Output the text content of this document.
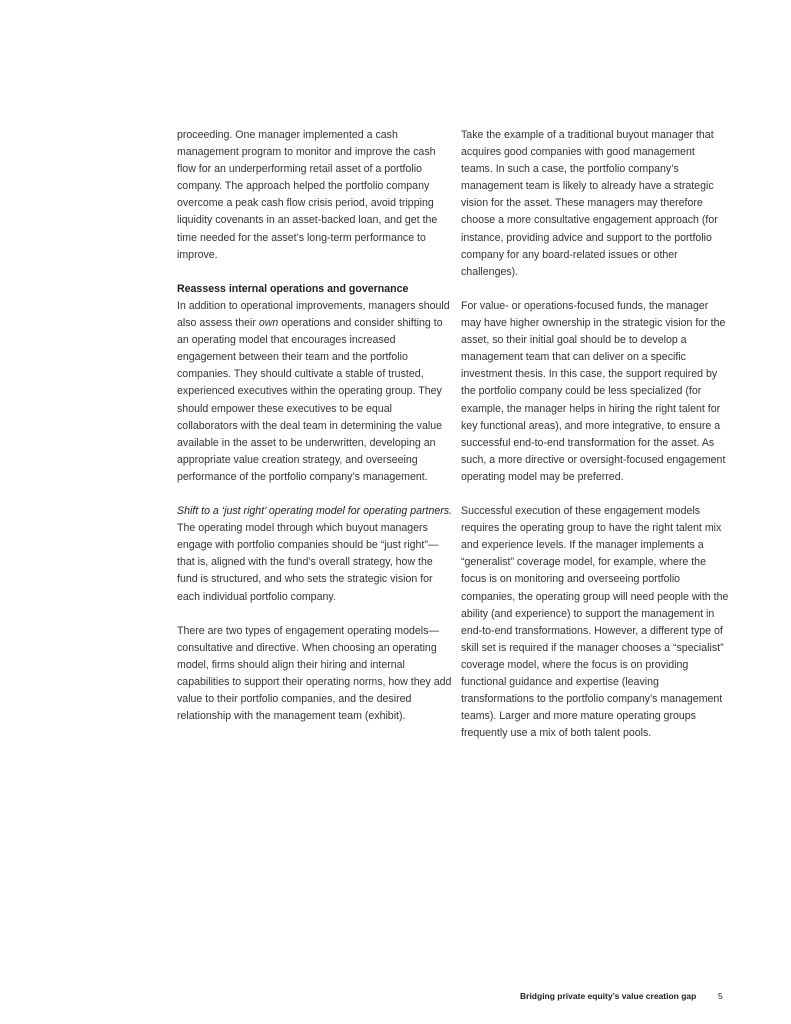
proceeding. One manager implemented a cash management program to monitor and improve the cash flow for an underperforming retail asset of a portfolio company. The approach helped the portfolio company overcome a peak cash flow crisis period, avoid tripping liquidity covenants in an asset-backed loan, and get the time needed for the asset’s long-term performance to improve.

Reassess internal operations and governance
In addition to operational improvements, managers should also assess their own operations and consider shifting to an operating model that encourages increased engagement between their team and the portfolio companies. They should cultivate a stable of trusted, experienced executives within the operating group. They should empower these executives to be equal collaborators with the deal team in determining the value available in the asset to be underwritten, developing an appropriate value creation strategy, and overseeing performance of the portfolio company’s management.

Shift to a ‘just right’ operating model for operating partners. The operating model through which buyout managers engage with portfolio companies should be “just right”—that is, aligned with the fund’s overall strategy, how the fund is structured, and who sets the strategic vision for each individual portfolio company.

There are two types of engagement operating models—consultative and directive. When choosing an operating model, firms should align their hiring and internal capabilities to support their operating norms, how they add value to their portfolio companies, and the desired relationship with the management team (exhibit).

Take the example of a traditional buyout manager that acquires good companies with good management teams. In such a case, the portfolio company’s management team is likely to already have a strategic vision for the asset. These managers may therefore choose a more consultative engagement approach (for instance, providing advice and support to the portfolio company for any board-related issues or other challenges).

For value- or operations-focused funds, the manager may have higher ownership in the strategic vision for the asset, so their initial goal should be to develop a management team that can deliver on a specific investment thesis. In this case, the support required by the portfolio company could be less specialized (for example, the manager helps in hiring the right talent for key functional areas), and more integrative, to ensure a successful end-to-end transformation for the asset. As such, a more directive or oversight-focused engagement operating model may be preferred.

Successful execution of these engagement models requires the operating group to have the right talent mix and experience levels. If the manager implements a “generalist” coverage model, for example, where the focus is on monitoring and overseeing portfolio companies, the operating group will need people with the ability (and experience) to support the management in end-to-end transformations. However, a different type of skill set is required if the manager chooses a “specialist” coverage model, where the focus is on providing functional guidance and expertise (leaving transformations to the portfolio company’s management teams). Larger and more mature operating groups frequently use a mix of both talent pools.

Bridging private equity’s value creation gap	5
